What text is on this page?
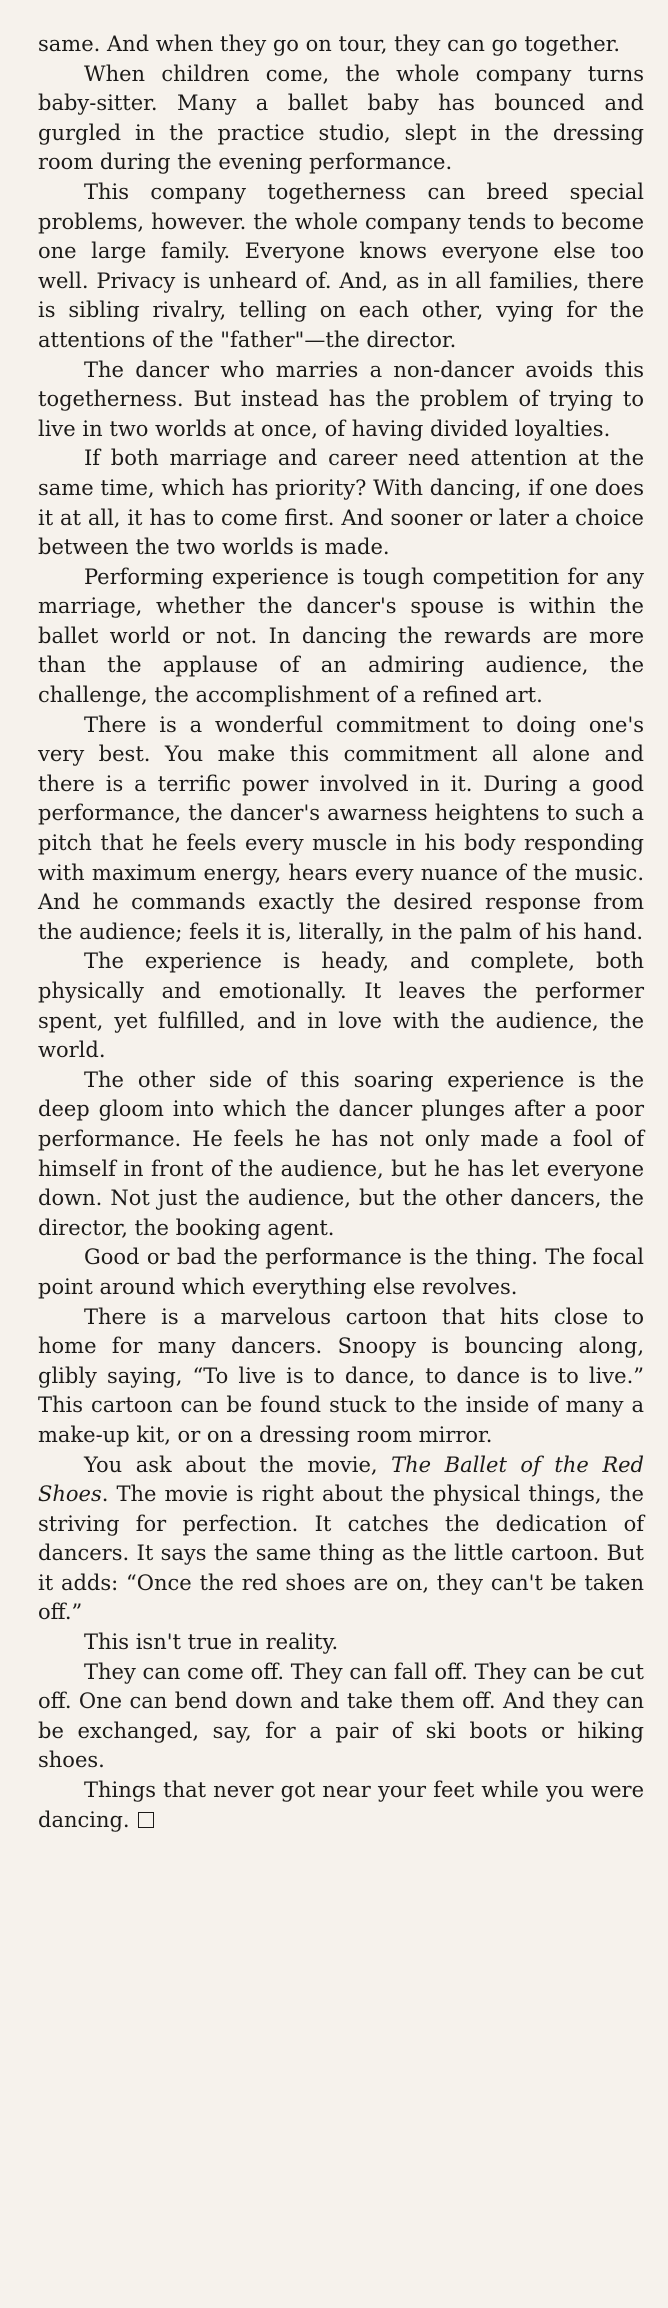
same. And when they go on tour, they can go together.

When children come, the whole company turns baby-sitter. Many a ballet baby has bounced and gurgled in the practice studio, slept in the dressing room during the evening performance.

This company togetherness can breed special problems, however. the whole company tends to become one large family. Everyone knows everyone else too well. Privacy is unheard of. And, as in all families, there is sibling rivalry, telling on each other, vying for the attentions of the "father"—the director.

The dancer who marries a non-dancer avoids this togetherness. But instead has the problem of trying to live in two worlds at once, of having divided loyalties.

If both marriage and career need attention at the same time, which has priority? With dancing, if one does it at all, it has to come first. And sooner or later a choice between the two worlds is made.

Performing experience is tough competition for any marriage, whether the dancer's spouse is within the ballet world or not. In dancing the rewards are more than the applause of an admiring audience, the challenge, the accomplishment of a refined art.

There is a wonderful commitment to doing one's very best. You make this commitment all alone and there is a terrific power involved in it. During a good performance, the dancer's awarness heightens to such a pitch that he feels every muscle in his body responding with maximum energy, hears every nuance of the music. And he commands exactly the desired response from the audience; feels it is, literally, in the palm of his hand.

The experience is heady, and complete, both physically and emotionally. It leaves the performer spent, yet fulfilled, and in love with the audience, the world.

The other side of this soaring experience is the deep gloom into which the dancer plunges after a poor performance. He feels he has not only made a fool of himself in front of the audience, but he has let everyone down. Not just the audience, but the other dancers, the director, the booking agent.

Good or bad the performance is the thing. The focal point around which everything else revolves.

There is a marvelous cartoon that hits close to home for many dancers. Snoopy is bouncing along, glibly saying, “To live is to dance, to dance is to live.” This cartoon can be found stuck to the inside of many a make-up kit, or on a dressing room mirror.

You ask about the movie, The Ballet of the Red Shoes. The movie is right about the physical things, the striving for perfection. It catches the dedication of dancers. It says the same thing as the little cartoon. But it adds: “Once the red shoes are on, they can't be taken off.”

This isn't true in reality.

They can come off. They can fall off. They can be cut off. One can bend down and take them off. And they can be exchanged, say, for a pair of ski boots or hiking shoes.

Things that never got near your feet while you were dancing.
